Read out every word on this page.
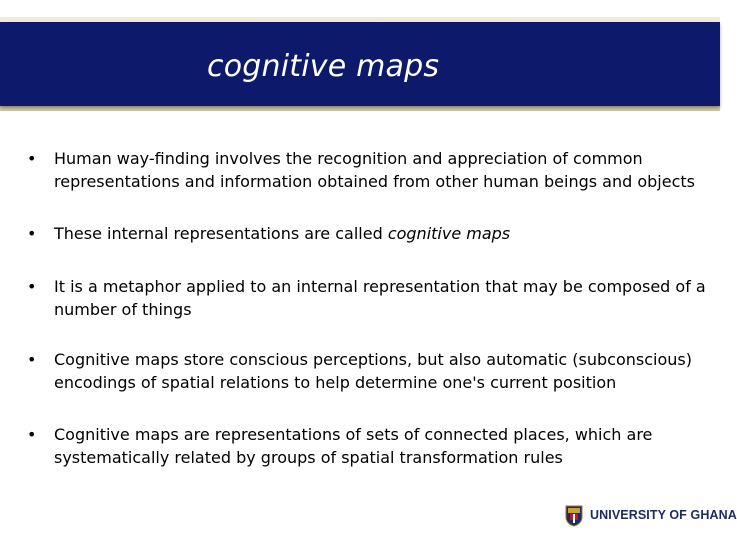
cognitive maps
• Human way-finding involves the recognition and appreciation of common representations and information obtained from other human beings and objects
• These internal representations are called cognitive maps
• It is a metaphor applied to an internal representation that may be composed of a number of things
• Cognitive maps store conscious perceptions, but also automatic (subconscious) encodings of spatial relations to help determine one's current position
• Cognitive maps are representations of sets of connected places, which are systematically related by groups of spatial transformation rules
UNIVERSITY OF GHANA
